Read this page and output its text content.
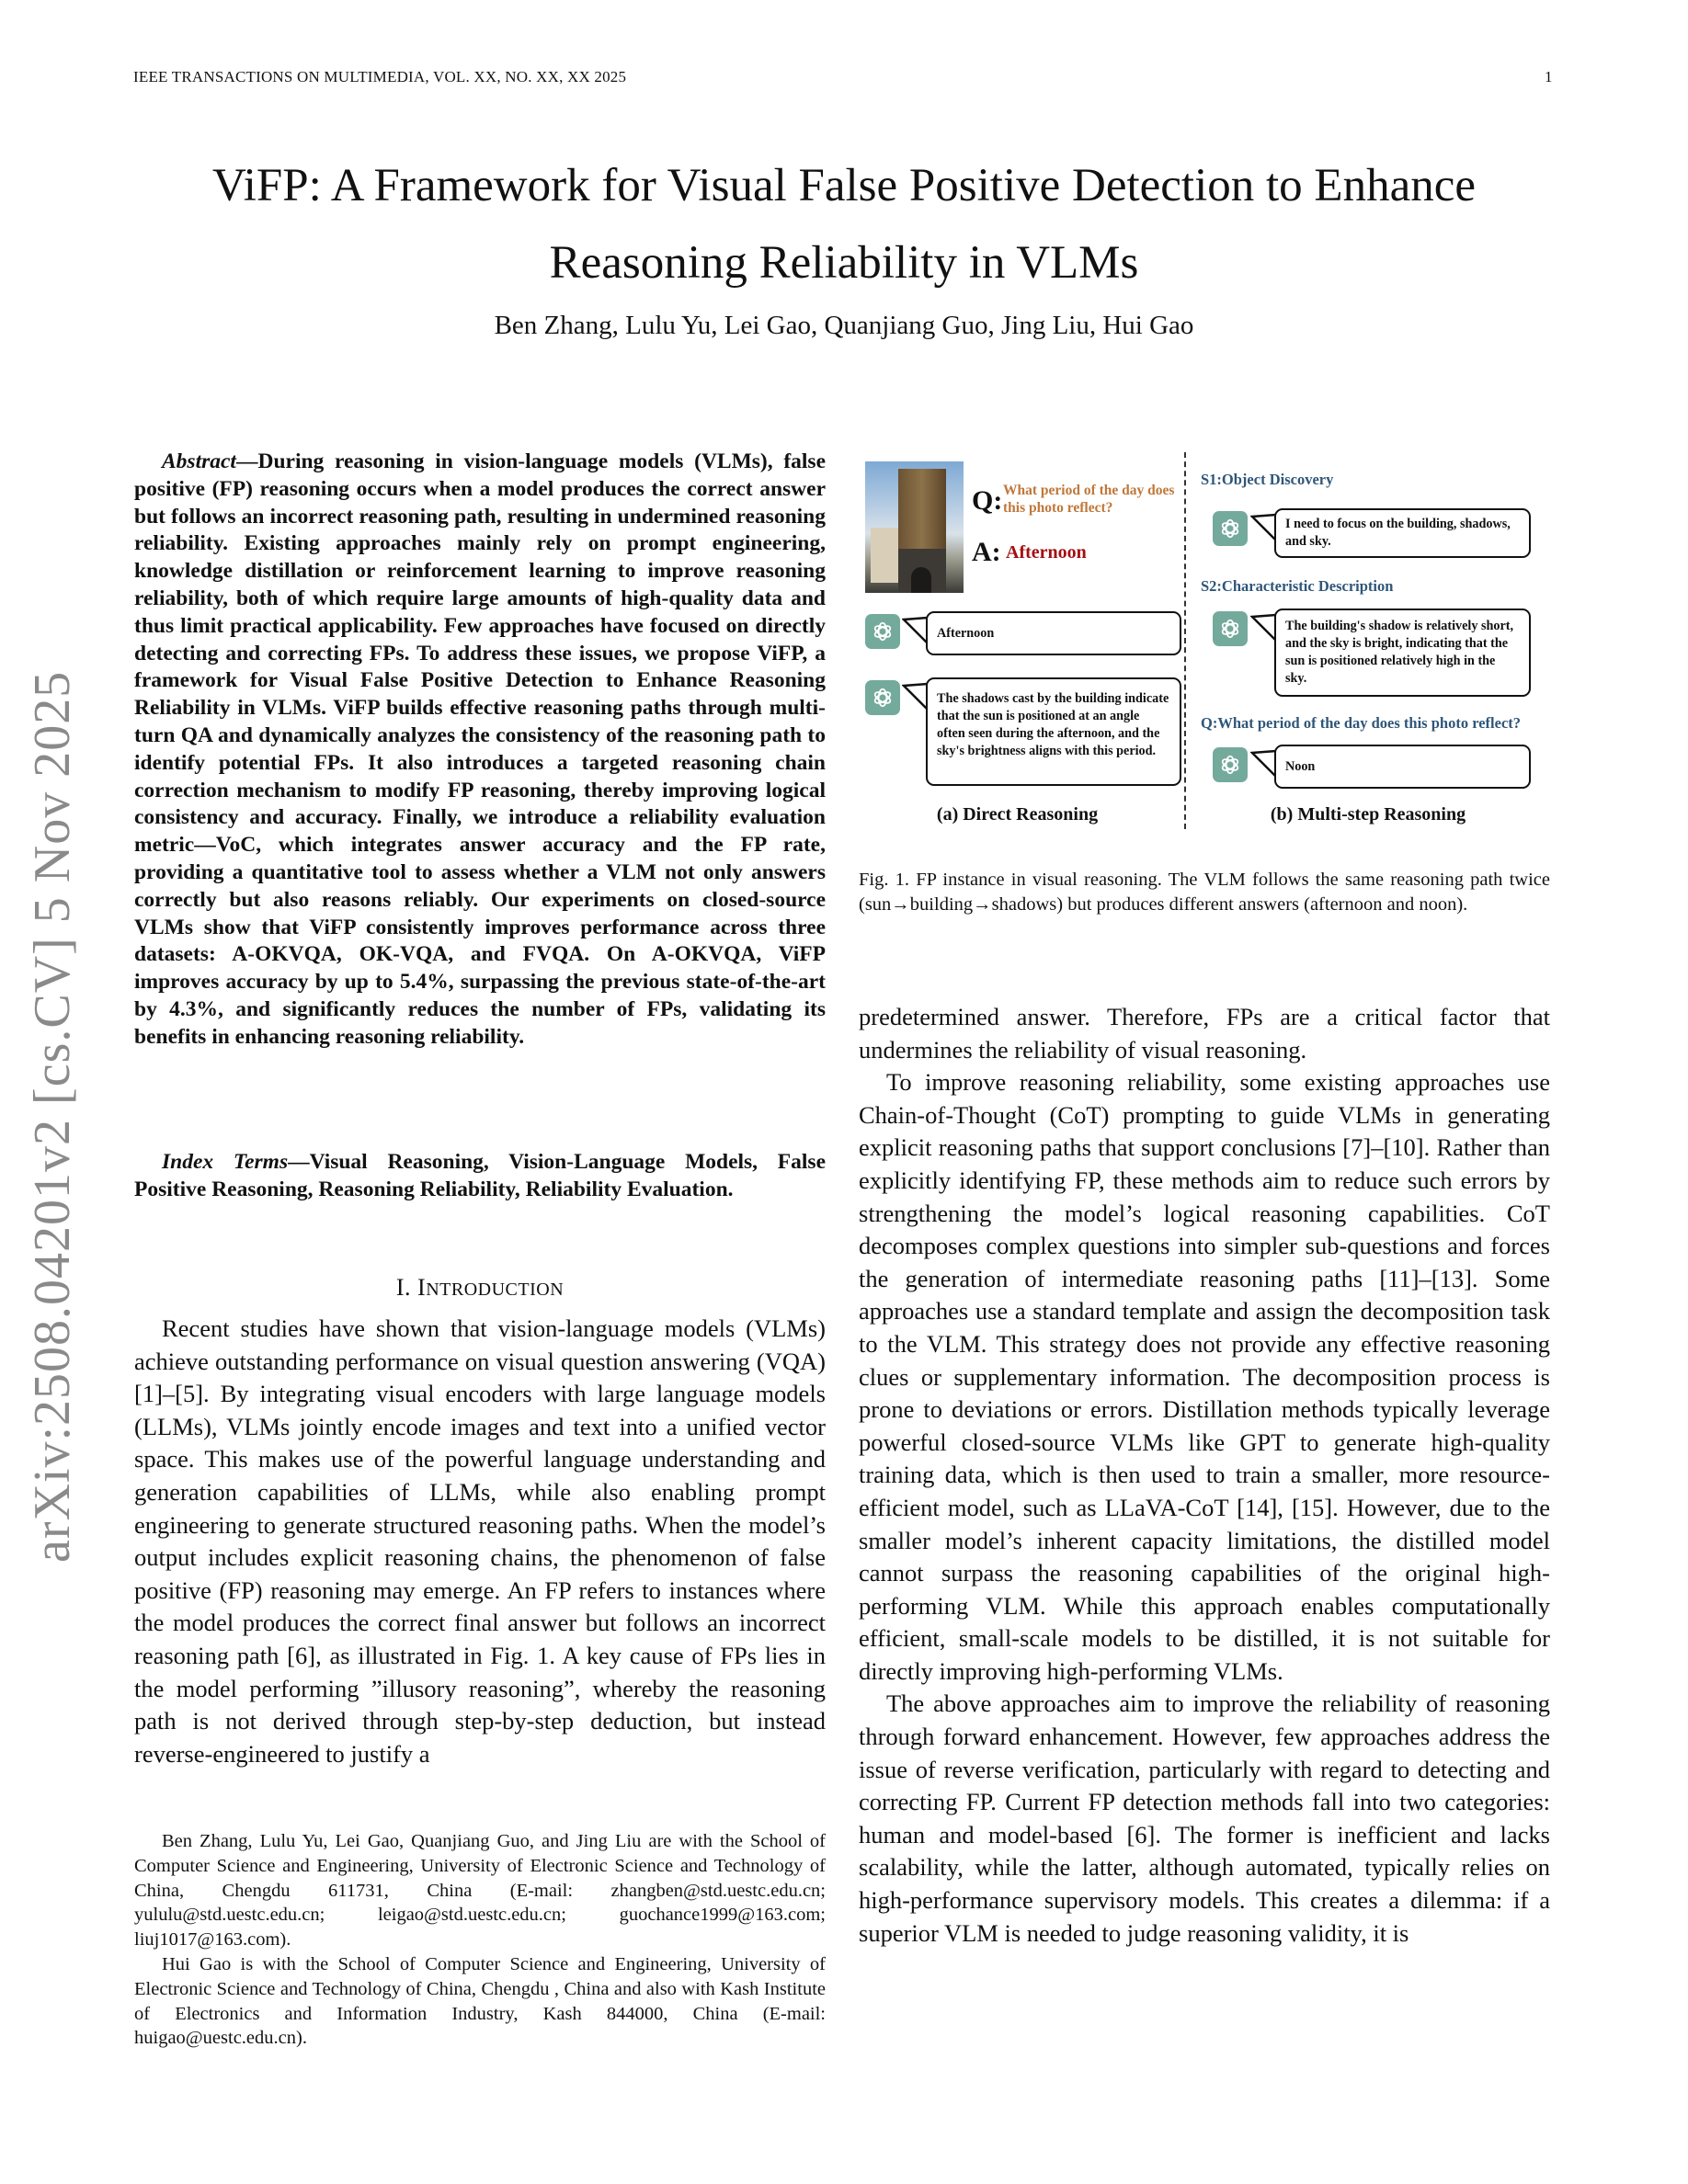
IEEE TRANSACTIONS ON MULTIMEDIA, VOL. XX, NO. XX, XX 2025	1
arXiv:2508.04201v2 [cs.CV] 5 Nov 2025
ViFP: A Framework for Visual False Positive Detection to Enhance
Reasoning Reliability in VLMs
Ben Zhang, Lulu Yu, Lei Gao, Quanjiang Guo, Jing Liu, Hui Gao
Abstract—During reasoning in vision-language models (VLMs), false positive (FP) reasoning occurs when a model produces the correct answer but follows an incorrect reasoning path, resulting in undermined reasoning reliability. Existing approaches mainly rely on prompt engineering, knowledge distillation or reinforcement learning to improve reasoning reliability, both of which require large amounts of high-quality data and thus limit practical applicability. Few approaches have focused on directly detecting and correcting FPs. To address these issues, we propose ViFP, a framework for Visual False Positive Detection to Enhance Reasoning Reliability in VLMs. ViFP builds effective reasoning paths through multi-turn QA and dynamically analyzes the consistency of the reasoning path to identify potential FPs. It also introduces a targeted reasoning chain correction mechanism to modify FP reasoning, thereby improving logical consistency and accuracy. Finally, we introduce a reliability evaluation metric—VoC, which integrates answer accuracy and the FP rate, providing a quantitative tool to assess whether a VLM not only answers correctly but also reasons reliably. Our experiments on closed-source VLMs show that ViFP consistently improves performance across three datasets: A-OKVQA, OK-VQA, and FVQA. On A-OKVQA, ViFP improves accuracy by up to 5.4%, surpassing the previous state-of-the-art by 4.3%, and significantly reduces the number of FPs, validating its benefits in enhancing reasoning reliability.
Index Terms—Visual Reasoning, Vision-Language Models, False Positive Reasoning, Reasoning Reliability, Reliability Evaluation.
I. INTRODUCTION

Recent studies have shown that vision-language models (VLMs) achieve outstanding performance on visual question answering (VQA) [1]–[5]. By integrating visual encoders with large language models (LLMs), VLMs jointly encode images and text into a unified vector space. This makes use of the powerful language understanding and generation capabilities of LLMs, while also enabling prompt engineering to generate structured reasoning paths. When the model’s output includes explicit reasoning chains, the phenomenon of false positive (FP) reasoning may emerge. An FP refers to instances where the model produces the correct final answer but follows an incorrect reasoning path [6], as illustrated in Fig. 1. A key cause of FPs lies in the model performing ”illusory reasoning”, whereby the reasoning path is not derived through step-by-step deduction, but instead reverse-engineered to justify a

Ben Zhang, Lulu Yu, Lei Gao, Quanjiang Guo, and Jing Liu are with the School of Computer Science and Engineering, University of Electronic Science and Technology of China, Chengdu 611731, China (E-mail: zhangben@std.uestc.edu.cn; yululu@std.uestc.edu.cn; leigao@std.uestc.edu.cn; guochance1999@163.com; liuj1017@163.com).

Hui Gao is with the School of Computer Science and Engineering, University of Electronic Science and Technology of China, Chengdu , China and also with Kash Institute of Electronics and Information Industry, Kash 844000, China (E-mail: huigao@uestc.edu.cn).

Q: What period of the day does this photo reflect?
A: Afternoon
Afternoon
The shadows cast by the building indicate that the sun is positioned at an angle often seen during the afternoon, and the sky's brightness aligns with this period.
(a) Direct Reasoning
S1:Object Discovery
I need to focus on the building, shadows, and sky.
S2:Characteristic Description
The building's shadow is relatively short, and the sky is bright, indicating that the sun is positioned relatively high in the sky.
Q:What period of the day does this photo reflect?
Noon
(b) Multi-step Reasoning
Fig. 1. FP instance in visual reasoning. The VLM follows the same reasoning path twice (sun→building→shadows) but produces different answers (afternoon and noon).

predetermined answer. Therefore, FPs are a critical factor that undermines the reliability of visual reasoning.

To improve reasoning reliability, some existing approaches use Chain-of-Thought (CoT) prompting to guide VLMs in generating explicit reasoning paths that support conclusions [7]–[10]. Rather than explicitly identifying FP, these methods aim to reduce such errors by strengthening the model’s logical reasoning capabilities. CoT decomposes complex questions into simpler sub-questions and forces the generation of intermediate reasoning paths [11]–[13]. Some approaches use a standard template and assign the decomposition task to the VLM. This strategy does not provide any effective reasoning clues or supplementary information. The decomposition process is prone to deviations or errors. Distillation methods typically leverage powerful closed-source VLMs like GPT to generate high-quality training data, which is then used to train a smaller, more resource-efficient model, such as LLaVA-CoT [14], [15]. However, due to the smaller model’s inherent capacity limitations, the distilled model cannot surpass the reasoning capabilities of the original high-performing VLM. While this approach enables computationally efficient, small-scale models to be distilled, it is not suitable for directly improving high-performing VLMs.

The above approaches aim to improve the reliability of reasoning through forward enhancement. However, few approaches address the issue of reverse verification, particularly with regard to detecting and correcting FP. Current FP detection methods fall into two categories: human and model-based [6]. The former is inefficient and lacks scalability, while the latter, although automated, typically relies on high-performance supervisory models. This creates a dilemma: if a superior VLM is needed to judge reasoning validity, it is
